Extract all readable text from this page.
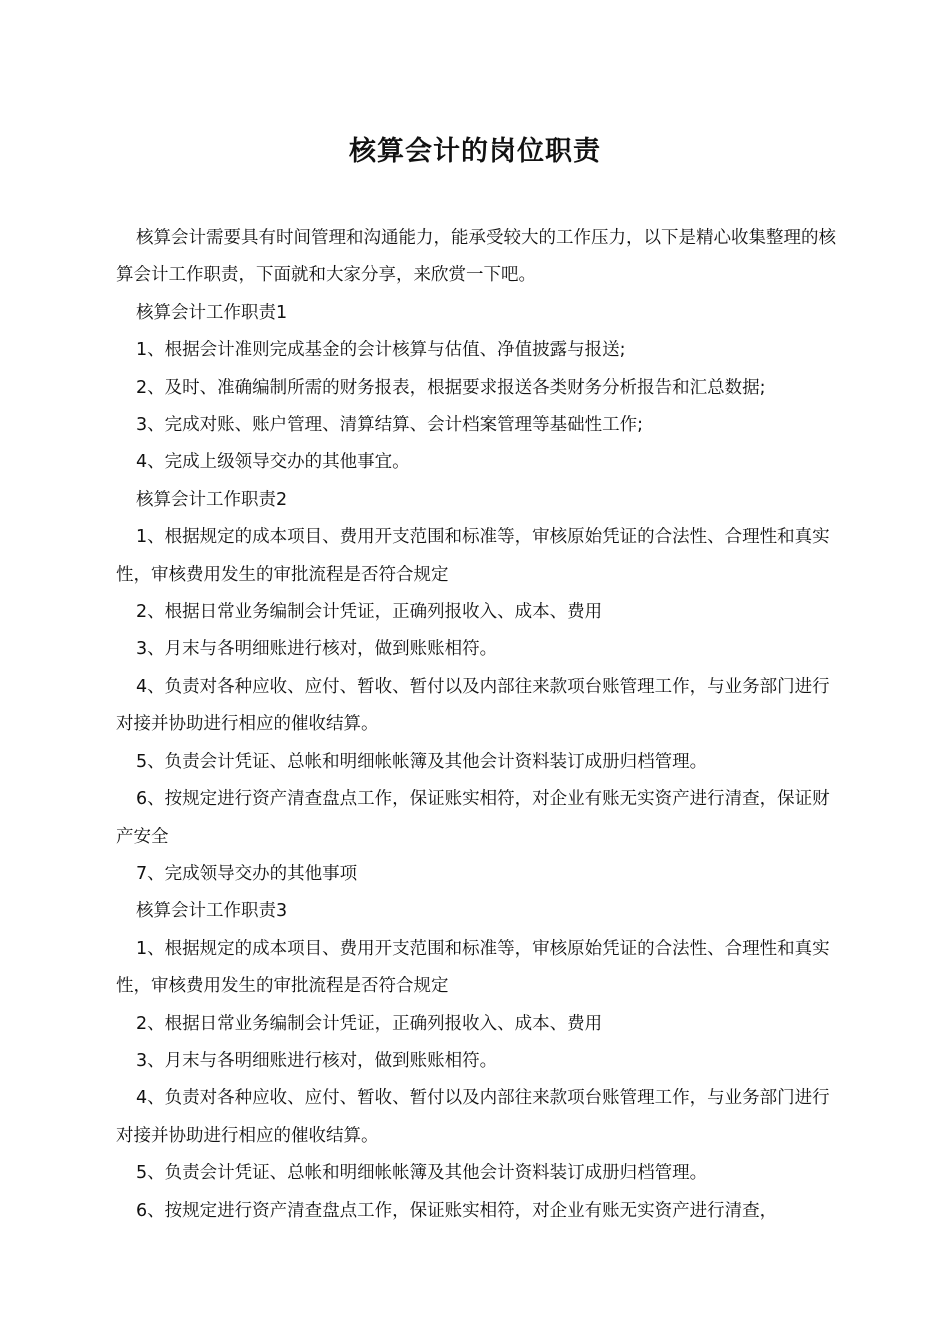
核算会计的岗位职责

核算会计需要具有时间管理和沟通能力，能承受较大的工作压力，以下是精心收集整理的核算会计工作职责，下面就和大家分享，来欣赏一下吧。

核算会计工作职责1

1、根据会计准则完成基金的会计核算与估值、净值披露与报送;

2、及时、准确编制所需的财务报表，根据要求报送各类财务分析报告和汇总数据;

3、完成对账、账户管理、清算结算、会计档案管理等基础性工作;

4、完成上级领导交办的其他事宜。

核算会计工作职责2

1、根据规定的成本项目、费用开支范围和标准等，审核原始凭证的合法性、合理性和真实性，审核费用发生的审批流程是否符合规定

2、根据日常业务编制会计凭证，正确列报收入、成本、费用

3、月末与各明细账进行核对，做到账账相符。

4、负责对各种应收、应付、暂收、暂付以及内部往来款项台账管理工作，与业务部门进行对接并协助进行相应的催收结算。

5、负责会计凭证、总帐和明细帐帐簿及其他会计资料装订成册归档管理。

6、按规定进行资产清查盘点工作，保证账实相符，对企业有账无实资产进行清查，保证财产安全

7、完成领导交办的其他事项

核算会计工作职责3

1、根据规定的成本项目、费用开支范围和标准等，审核原始凭证的合法性、合理性和真实性，审核费用发生的审批流程是否符合规定

2、根据日常业务编制会计凭证，正确列报收入、成本、费用

3、月末与各明细账进行核对，做到账账相符。

4、负责对各种应收、应付、暂收、暂付以及内部往来款项台账管理工作，与业务部门进行对接并协助进行相应的催收结算。

5、负责会计凭证、总帐和明细帐帐簿及其他会计资料装订成册归档管理。

6、按规定进行资产清查盘点工作，保证账实相符，对企业有账无实资产进行清查，
